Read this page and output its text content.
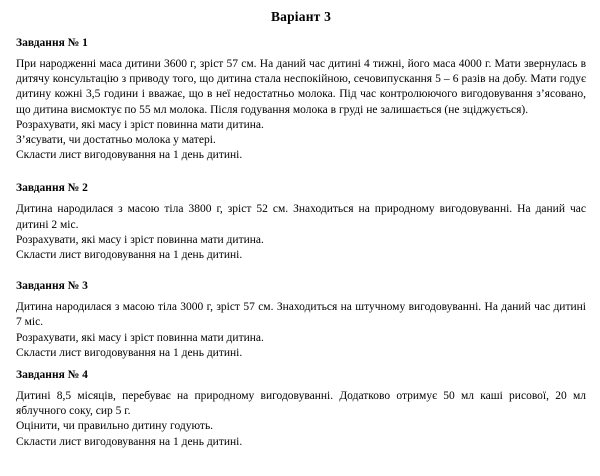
Варіант 3
Завдання № 1

При народженні маса дитини 3600 г, зріст 57 см. На даний час дитині 4 тижні, його маса 4000 г. Мати звернулась в дитячу консультацію з приводу того, що дитина стала неспокійною, сечовипускання 5 – 6 разів на добу. Мати годує дитину кожні 3,5 години і вважає, що в неї недостатньо молока. Під час контролюючого вигодовування з’ясовано, що дитина висмоктує по 55 мл молока. Після годування молока в груді не залишається (не зціджується).

Розрахувати, які масу і зріст повинна мати дитина.

З’ясувати, чи достатньо молока у матері.

Скласти лист вигодовування на 1 день дитині.

Завдання № 2

Дитина народилася з масою тіла 3800 г, зріст 52 см. Знаходиться на природному вигодовуванні. На даний час дитині 2 міс.

Розрахувати, які масу і зріст повинна мати дитина.

Скласти лист вигодовування на 1 день дитині.

Завдання № 3

Дитина народилася з масою тіла 3000 г, зріст 57 см. Знаходиться на штучному вигодовуванні. На даний час дитині 7 міс.

Розрахувати, які масу і зріст повинна мати дитина.

Скласти лист вигодовування на 1 день дитині.

Завдання № 4

Дитині 8,5 місяців, перебуває на природному вигодовуванні. Додатково отримує 50 мл каші рисової, 20 мл яблучного соку, сир 5 г.

Оцінити, чи правильно дитину годують.

Скласти лист вигодовування на 1 день дитині.
